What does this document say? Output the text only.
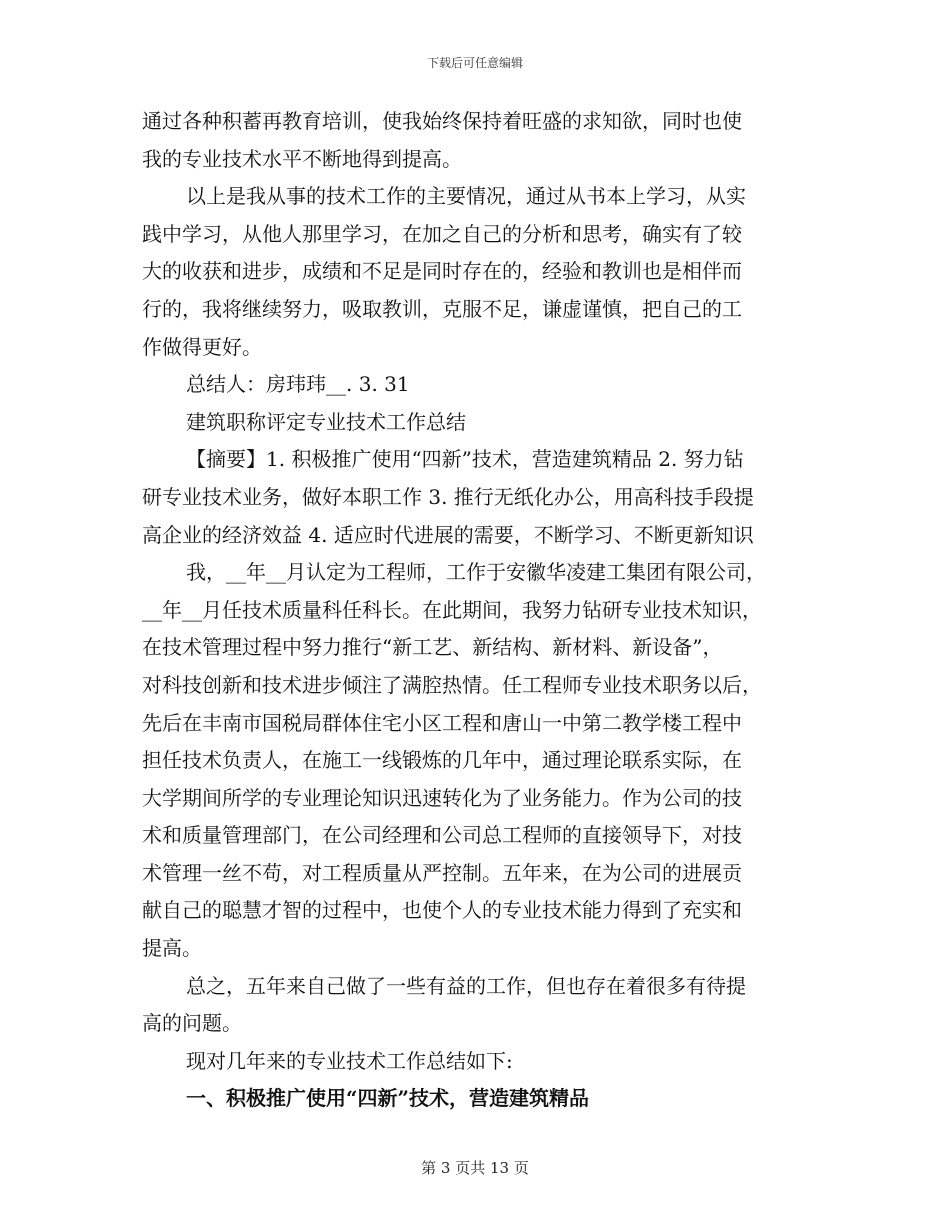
下载后可任意编辑
通过各种积蓄再教育培训，使我始终保持着旺盛的求知欲，同时也使
我的专业技术水平不断地得到提高。
以上是我从事的技术工作的主要情况，通过从书本上学习，从实
践中学习，从他人那里学习，在加之自己的分析和思考，确实有了较
大的收获和进步，成绩和不足是同时存在的，经验和教训也是相伴而
行的，我将继续努力，吸取教训，克服不足，谦虚谨慎，把自己的工
作做得更好。
总结人：房玮玮__. 3. 31
建筑职称评定专业技术工作总结
【摘要】1. 积极推广使用“四新”技术，营造建筑精品 2. 努力钻
研专业技术业务，做好本职工作 3. 推行无纸化办公，用高科技手段提
高企业的经济效益 4. 适应时代进展的需要，不断学习、不断更新知识
我，__年__月认定为工程师，工作于安徽华凌建工集团有限公司，
__年__月任技术质量科任科长。在此期间，我努力钻研专业技术知识，
在技术管理过程中努力推行“新工艺、新结构、新材料、新设备”，
对科技创新和技术进步倾注了满腔热情。任工程师专业技术职务以后，
先后在丰南市国税局群体住宅小区工程和唐山一中第二教学楼工程中
担任技术负责人，在施工一线锻炼的几年中，通过理论联系实际，在
大学期间所学的专业理论知识迅速转化为了业务能力。作为公司的技
术和质量管理部门，在公司经理和公司总工程师的直接领导下，对技
术管理一丝不苟，对工程质量从严控制。五年来，在为公司的进展贡
献自己的聪慧才智的过程中，也使个人的专业技术能力得到了充实和
提高。
总之，五年来自己做了一些有益的工作，但也存在着很多有待提
高的问题。
现对几年来的专业技术工作总结如下:
一、积极推广使用“四新”技术，营造建筑精品
第 3 页共 13 页
